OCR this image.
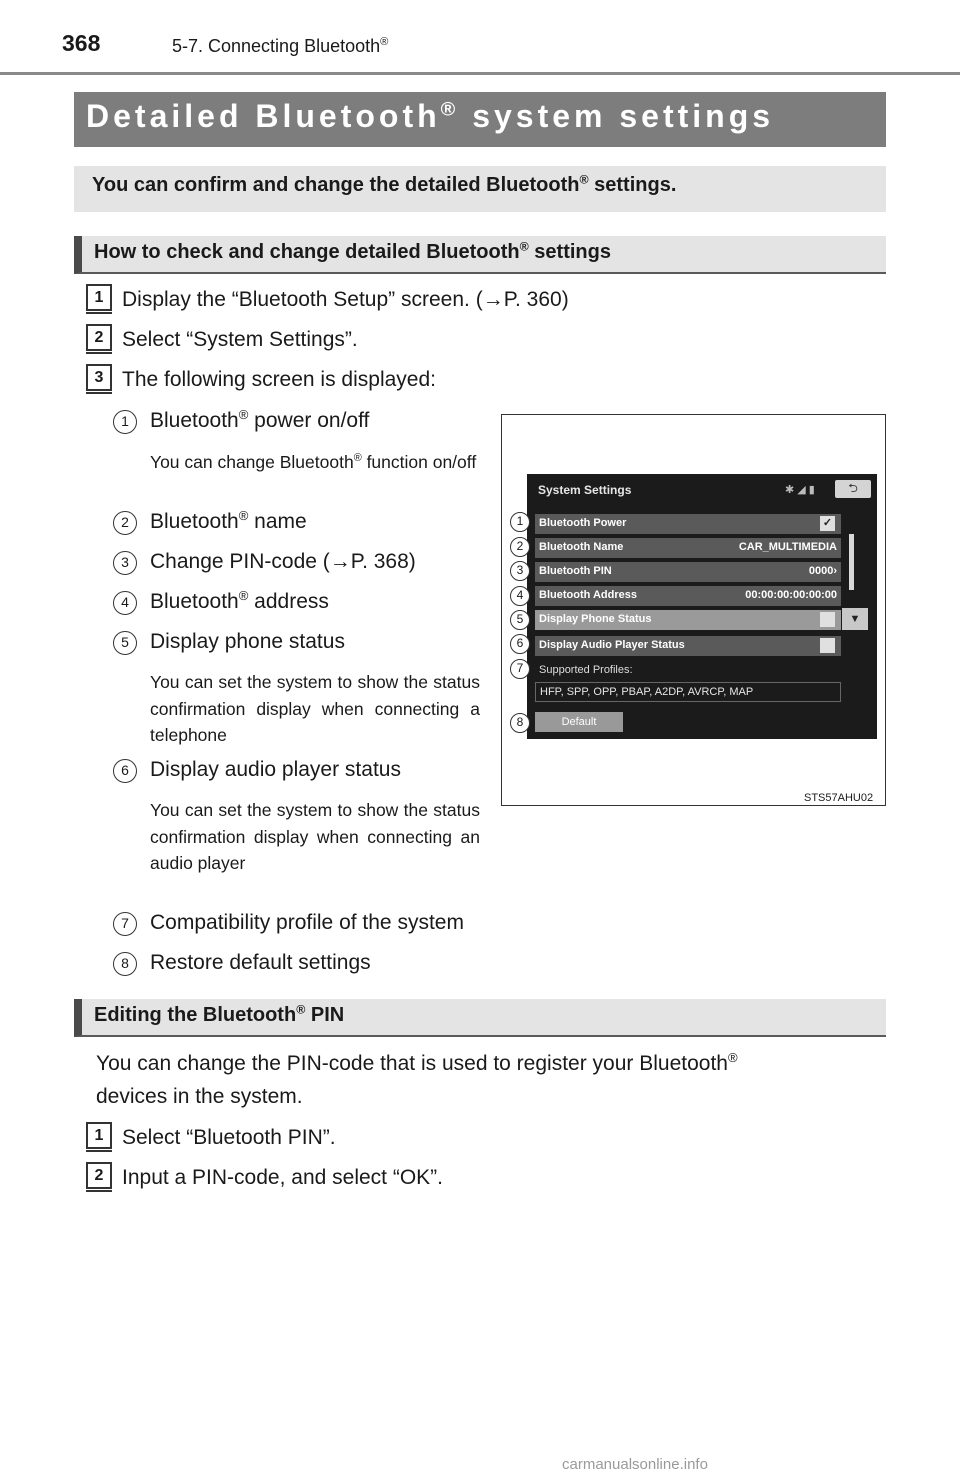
368	5-7. Connecting Bluetooth®
Detailed Bluetooth® system settings
You can confirm and change the detailed Bluetooth® settings.
How to check and change detailed Bluetooth® settings
1 Display the “Bluetooth Setup” screen. (→P. 360)
2 Select “System Settings”.
3 The following screen is displayed:
1	Bluetooth® power on/off
You can change Bluetooth® function on/off
2	Bluetooth® name
3	Change PIN-code (→P. 368)
4	Bluetooth® address
5	Display phone status
You can set the system to show the status confirmation display when connecting a telephone
6	Display audio player status
You can set the system to show the status confirmation display when connecting an audio player
7	Compatibility profile of the system
8	Restore default settings
System Settings	✱ ◢ ▮	⮌
Bluetooth Power	✓
Bluetooth Name	CAR_MULTIMEDIA
Bluetooth PIN	0000›
Bluetooth Address	00:00:00:00:00:00
Display Phone Status
Display Audio Player Status
Supported Profiles:
HFP, SPP, OPP, PBAP, A2DP, AVRCP, MAP
Default
▼
1
2
3
4
5
6
7
8
STS57AHU02
Editing the Bluetooth® PIN
You can change the PIN-code that is used to register your Bluetooth®
devices in the system.
1 Select “Bluetooth PIN”.
2 Input a PIN-code, and select “OK”.
carmanualsonline.info
